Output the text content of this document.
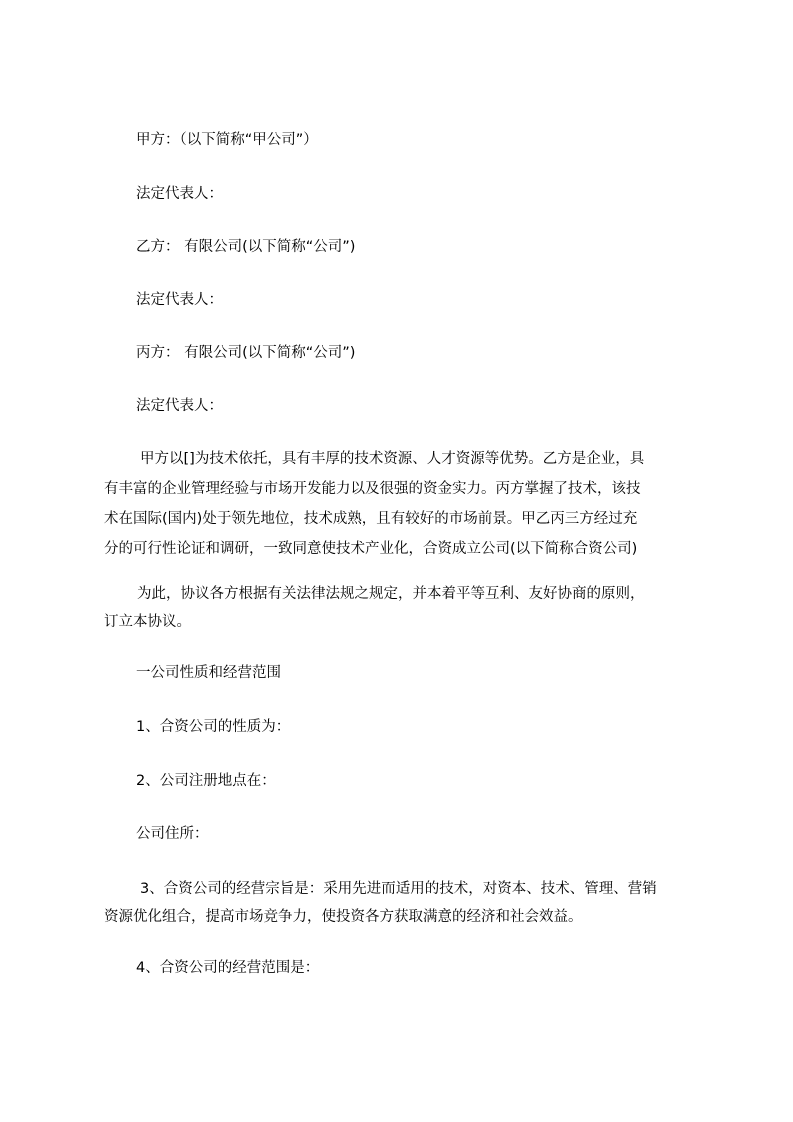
甲方：（以下简称“甲公司”）
法定代表人：
乙方： 有限公司(以下简称“公司”)
法定代表人：
丙方： 有限公司(以下简称“公司”)
法定代表人：
甲方以[]为技术依托，具有丰厚的技术资源、人才资源等优势。乙方是企业，具
有丰富的企业管理经验与市场开发能力以及很强的资金实力。丙方掌握了技术，该技
术在国际(国内)处于领先地位，技术成熟，且有较好的市场前景。甲乙丙三方经过充
分的可行性论证和调研，一致同意使技术产业化，合资成立公司(以下简称合资公司)
为此，协议各方根据有关法律法规之规定，并本着平等互利、友好协商的原则，
订立本协议。
一公司性质和经营范围
1、合资公司的性质为：
2、公司注册地点在：
公司住所：
3、合资公司的经营宗旨是：采用先进而适用的技术，对资本、技术、管理、营销
资源优化组合，提高市场竞争力，使投资各方获取满意的经济和社会效益。
4、合资公司的经营范围是：
